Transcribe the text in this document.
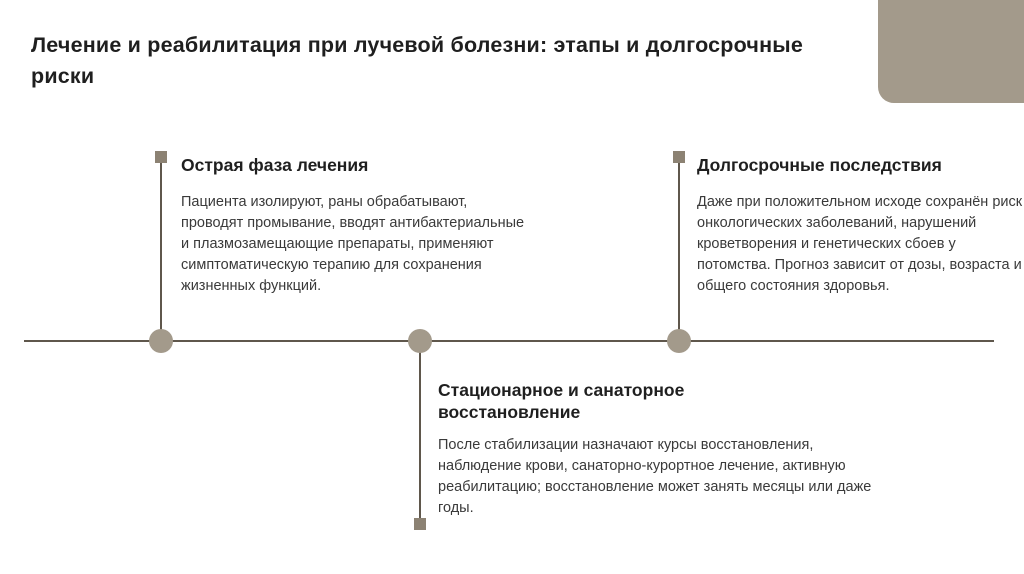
Лечение и реабилитация при лучевой болезни: этапы и долгосрочные риски
Острая фаза лечения
Пациента изолируют, раны обрабатывают, проводят промывание, вводят антибактериальные и плазмозамещающие препараты, применяют симптоматическую терапию для сохранения жизненных функций.
Стационарное и санаторное восстановление
После стабилизации назначают курсы восстановления, наблюдение крови, санаторно-курортное лечение, активную реабилитацию; восстановление может занять месяцы или даже годы.
Долгосрочные последствия
Даже при положительном исходе сохранён риск онкологических заболеваний, нарушений кроветворения и генетических сбоев у потомства. Прогноз зависит от дозы, возраста и общего состояния здоровья.
